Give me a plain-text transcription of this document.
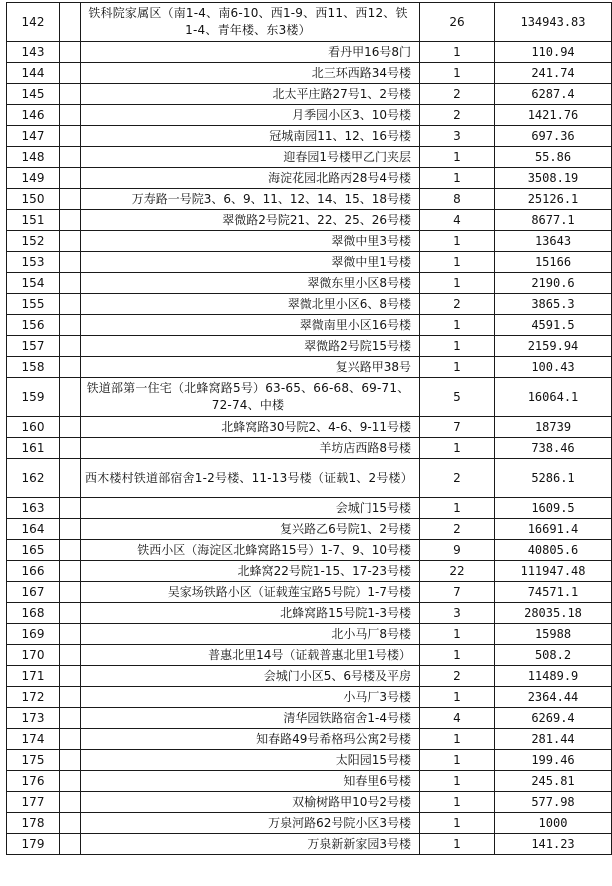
142		铁科院家属区（南1-4、南6-10、西1-9、西11、西12、铁1-4、青年楼、东3楼）	26	134943.83
143		看丹甲16号8门	1	110.94
144		北三环西路34号楼	1	241.74
145		北太平庄路27号1、2号楼	2	6287.4
146		月季园小区3、10号楼	2	1421.76
147		冠城南园11、12、16号楼	3	697.36
148		迎春园1号楼甲乙门夹层	1	55.86
149		海淀花园北路丙28号4号楼	1	3508.19
150		万寿路一号院3、6、9、11、12、14、15、18号楼	8	25126.1
151		翠微路2号院21、22、25、26号楼	4	8677.1
152		翠微中里3号楼	1	13643
153		翠微中里1号楼	1	15166
154		翠微东里小区8号楼	1	2190.6
155		翠微北里小区6、8号楼	2	3865.3
156		翠微南里小区16号楼	1	4591.5
157		翠微路2号院15号楼	1	2159.94
158		复兴路甲38号	1	100.43
159		铁道部第一住宅（北蜂窝路5号）63-65、66-68、69-71、72-74、中楼	5	16064.1
160		北蜂窝路30号院2、4-6、9-11号楼	7	18739
161		羊坊店西路8号楼	1	738.46
162		西木楼村铁道部宿舍1-2号楼、11-13号楼（证载1、2号楼）	2	5286.1
163		会城门15号楼	1	1609.5
164		复兴路乙6号院1、2号楼	2	16691.4
165		铁西小区（海淀区北蜂窝路15号）1-7、9、10号楼	9	40805.6
166		北蜂窝22号院1-15、17-23号楼	22	111947.48
167		吴家场铁路小区（证载莲宝路5号院）1-7号楼	7	74571.1
168		北蜂窝路15号院1-3号楼	3	28035.18
169		北小马厂8号楼	1	15988
170		普惠北里14号（证载普惠北里1号楼）	1	508.2
171		会城门小区5、6号楼及平房	2	11489.9
172		小马厂3号楼	1	2364.44
173		清华园铁路宿舍1-4号楼	4	6269.4
174		知春路49号希格玛公寓2号楼	1	281.44
175		太阳园15号楼	1	199.46
176		知春里6号楼	1	245.81
177		双榆树路甲10号2号楼	1	577.98
178		万泉河路62号院小区3号楼	1	1000
179		万泉新新家园3号楼	1	141.23
